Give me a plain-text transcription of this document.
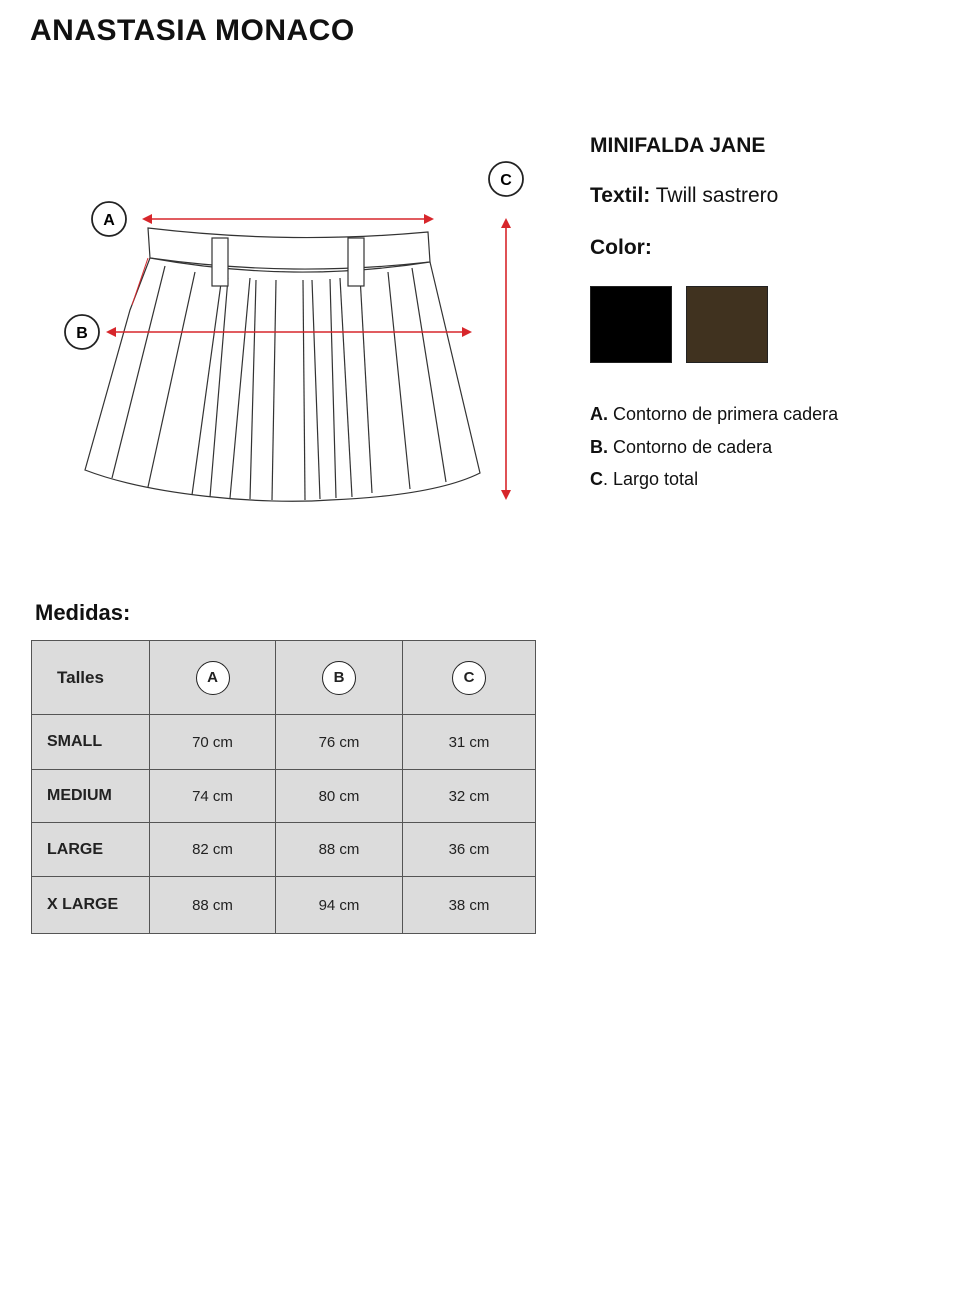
ANASTASIA MONACO
A
B
C
MINIFALDA JANE
Textil: Twill sastrero
Color:
A. Contorno de primera cadera
B. Contorno de cadera
C. Largo total
Medidas:
Talles	A	B	C
SMALL	70 cm	76 cm	31 cm
MEDIUM	74 cm	80 cm	32 cm
LARGE	82 cm	88 cm	36 cm
X LARGE	88 cm	94 cm	38 cm
